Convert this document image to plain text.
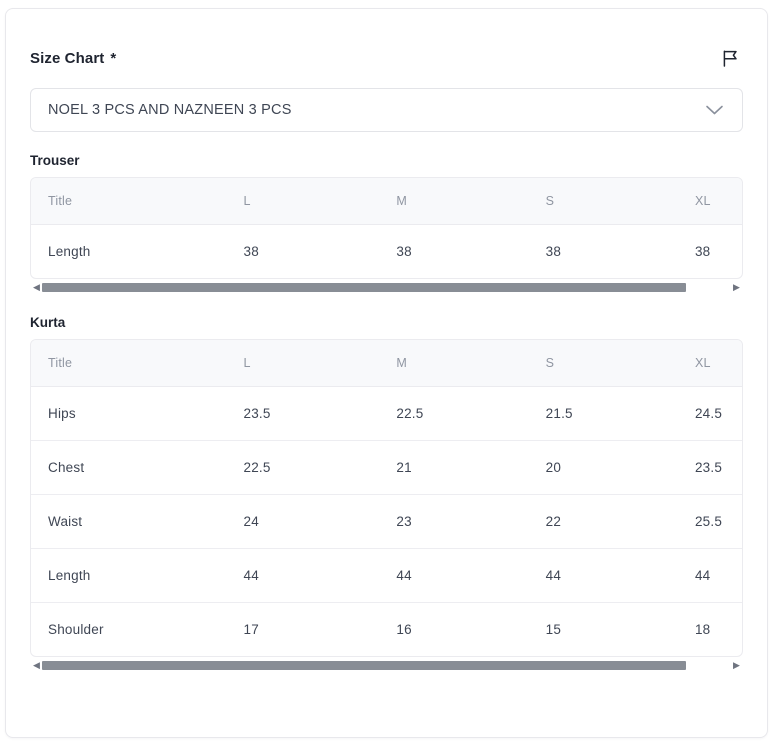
Size Chart *
NOEL 3 PCS AND NAZNEEN 3 PCS
Trouser
Title	L	M	S	XL
Length	38	38	38	38
◀	▶
Kurta
Title	L	M	S	XL
Hips	23.5	22.5	21.5	24.5
Chest	22.5	21	20	23.5
Waist	24	23	22	25.5
Length	44	44	44	44
Shoulder	17	16	15	18
◀	▶
